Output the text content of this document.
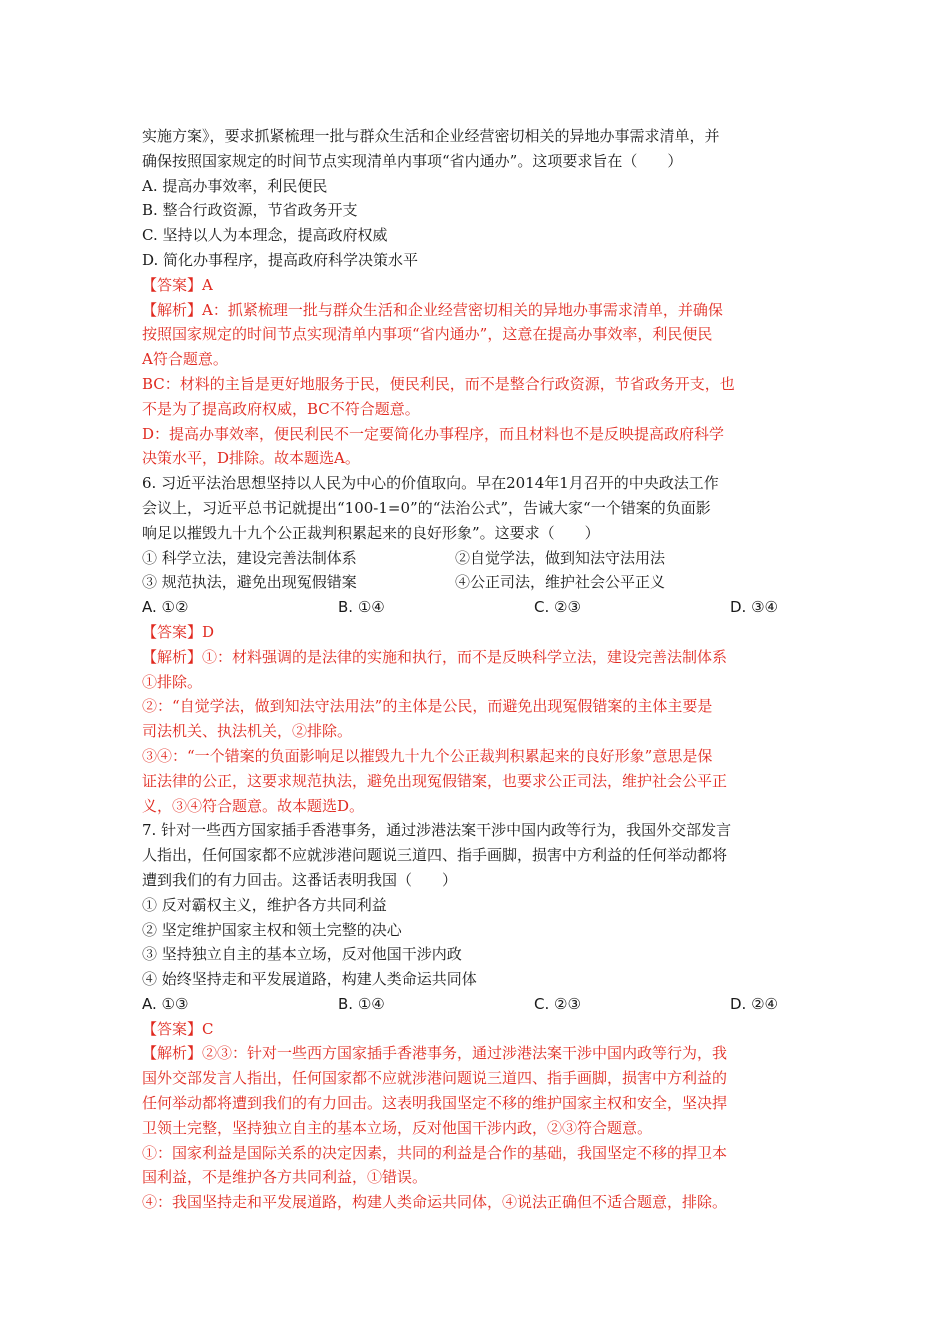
实施方案》，要求抓紧梳理一批与群众生活和企业经营密切相关的异地办事需求清单，并
确保按照国家规定的时间节点实现清单内事项“省内通办”。这项要求旨在（　　）
A. 提高办事效率，利民便民
B. 整合行政资源，节省政务开支
C. 坚持以人为本理念，提高政府权威
D. 简化办事程序，提高政府科学决策水平
【答案】A
【解析】A：抓紧梳理一批与群众生活和企业经营密切相关的异地办事需求清单，并确保
按照国家规定的时间节点实现清单内事项“省内通办”，这意在提高办事效率，利民便民
A符合题意。
BC：材料的主旨是更好地服务于民，便民利民，而不是整合行政资源，节省政务开支，也
不是为了提高政府权威，BC不符合题意。
D：提高办事效率，便民利民不一定要简化办事程序，而且材料也不是反映提高政府科学
决策水平，D排除。故本题选A。
6. 习近平法治思想坚持以人民为中心的价值取向。早在2014年1月召开的中央政法工作
会议上，习近平总书记就提出“100-1=0”的“法治公式”，告诫大家“一个错案的负面影
响足以摧毁九十九个公正裁判积累起来的良好形象”。这要求（　　）
① 科学立法，建设完善法制体系	②自觉学法，做到知法守法用法
③ 规范执法，避免出现冤假错案	④公正司法，维护社会公平正义
A. ①②	B. ①④	C. ②③	D. ③④
【答案】D
【解析】①：材料强调的是法律的实施和执行，而不是反映科学立法，建设完善法制体系
①排除。
②：“自觉学法，做到知法守法用法”的主体是公民，而避免出现冤假错案的主体主要是
司法机关、执法机关，②排除。
③④：“一个错案的负面影响足以摧毁九十九个公正裁判积累起来的良好形象”意思是保
证法律的公正，这要求规范执法，避免出现冤假错案，也要求公正司法，维护社会公平正
义，③④符合题意。故本题选D。
7. 针对一些西方国家插手香港事务，通过涉港法案干涉中国内政等行为，我国外交部发言
人指出，任何国家都不应就涉港问题说三道四、指手画脚，损害中方利益的任何举动都将
遭到我们的有力回击。这番话表明我国（　　）
① 反对霸权主义，维护各方共同利益
② 坚定维护国家主权和领土完整的决心
③ 坚持独立自主的基本立场，反对他国干涉内政
④ 始终坚持走和平发展道路，构建人类命运共同体
A. ①③	B. ①④	C. ②③	D. ②④
【答案】C
【解析】②③：针对一些西方国家插手香港事务，通过涉港法案干涉中国内政等行为，我
国外交部发言人指出，任何国家都不应就涉港问题说三道四、指手画脚，损害中方利益的
任何举动都将遭到我们的有力回击。这表明我国坚定不移的维护国家主权和安全，坚决捍
卫领土完整，坚持独立自主的基本立场，反对他国干涉内政，②③符合题意。
①：国家利益是国际关系的决定因素，共同的利益是合作的基础，我国坚定不移的捍卫本
国利益，不是维护各方共同利益，①错误。
④：我国坚持走和平发展道路，构建人类命运共同体，④说法正确但不适合题意，排除。
